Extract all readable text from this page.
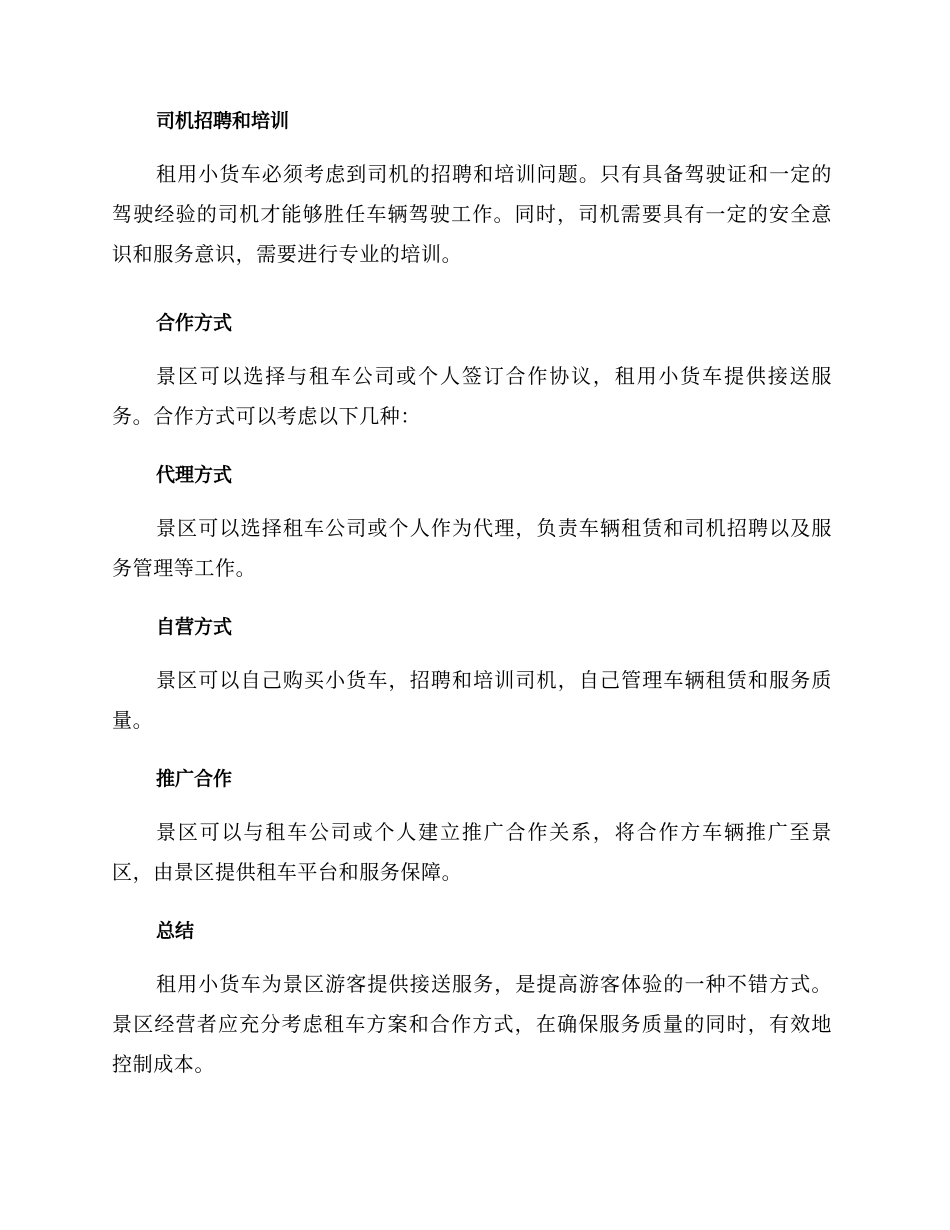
司机招聘和培训

租用小货车必须考虑到司机的招聘和培训问题。只有具备驾驶证和一定的驾驶经验的司机才能够胜任车辆驾驶工作。同时，司机需要具有一定的安全意识和服务意识，需要进行专业的培训。

合作方式

景区可以选择与租车公司或个人签订合作协议，租用小货车提供接送服务。合作方式可以考虑以下几种：

代理方式

景区可以选择租车公司或个人作为代理，负责车辆租赁和司机招聘以及服务管理等工作。

自营方式

景区可以自己购买小货车，招聘和培训司机，自己管理车辆租赁和服务质量。

推广合作

景区可以与租车公司或个人建立推广合作关系，将合作方车辆推广至景区，由景区提供租车平台和服务保障。

总结

租用小货车为景区游客提供接送服务，是提高游客体验的一种不错方式。景区经营者应充分考虑租车方案和合作方式，在确保服务质量的同时，有效地控制成本。
